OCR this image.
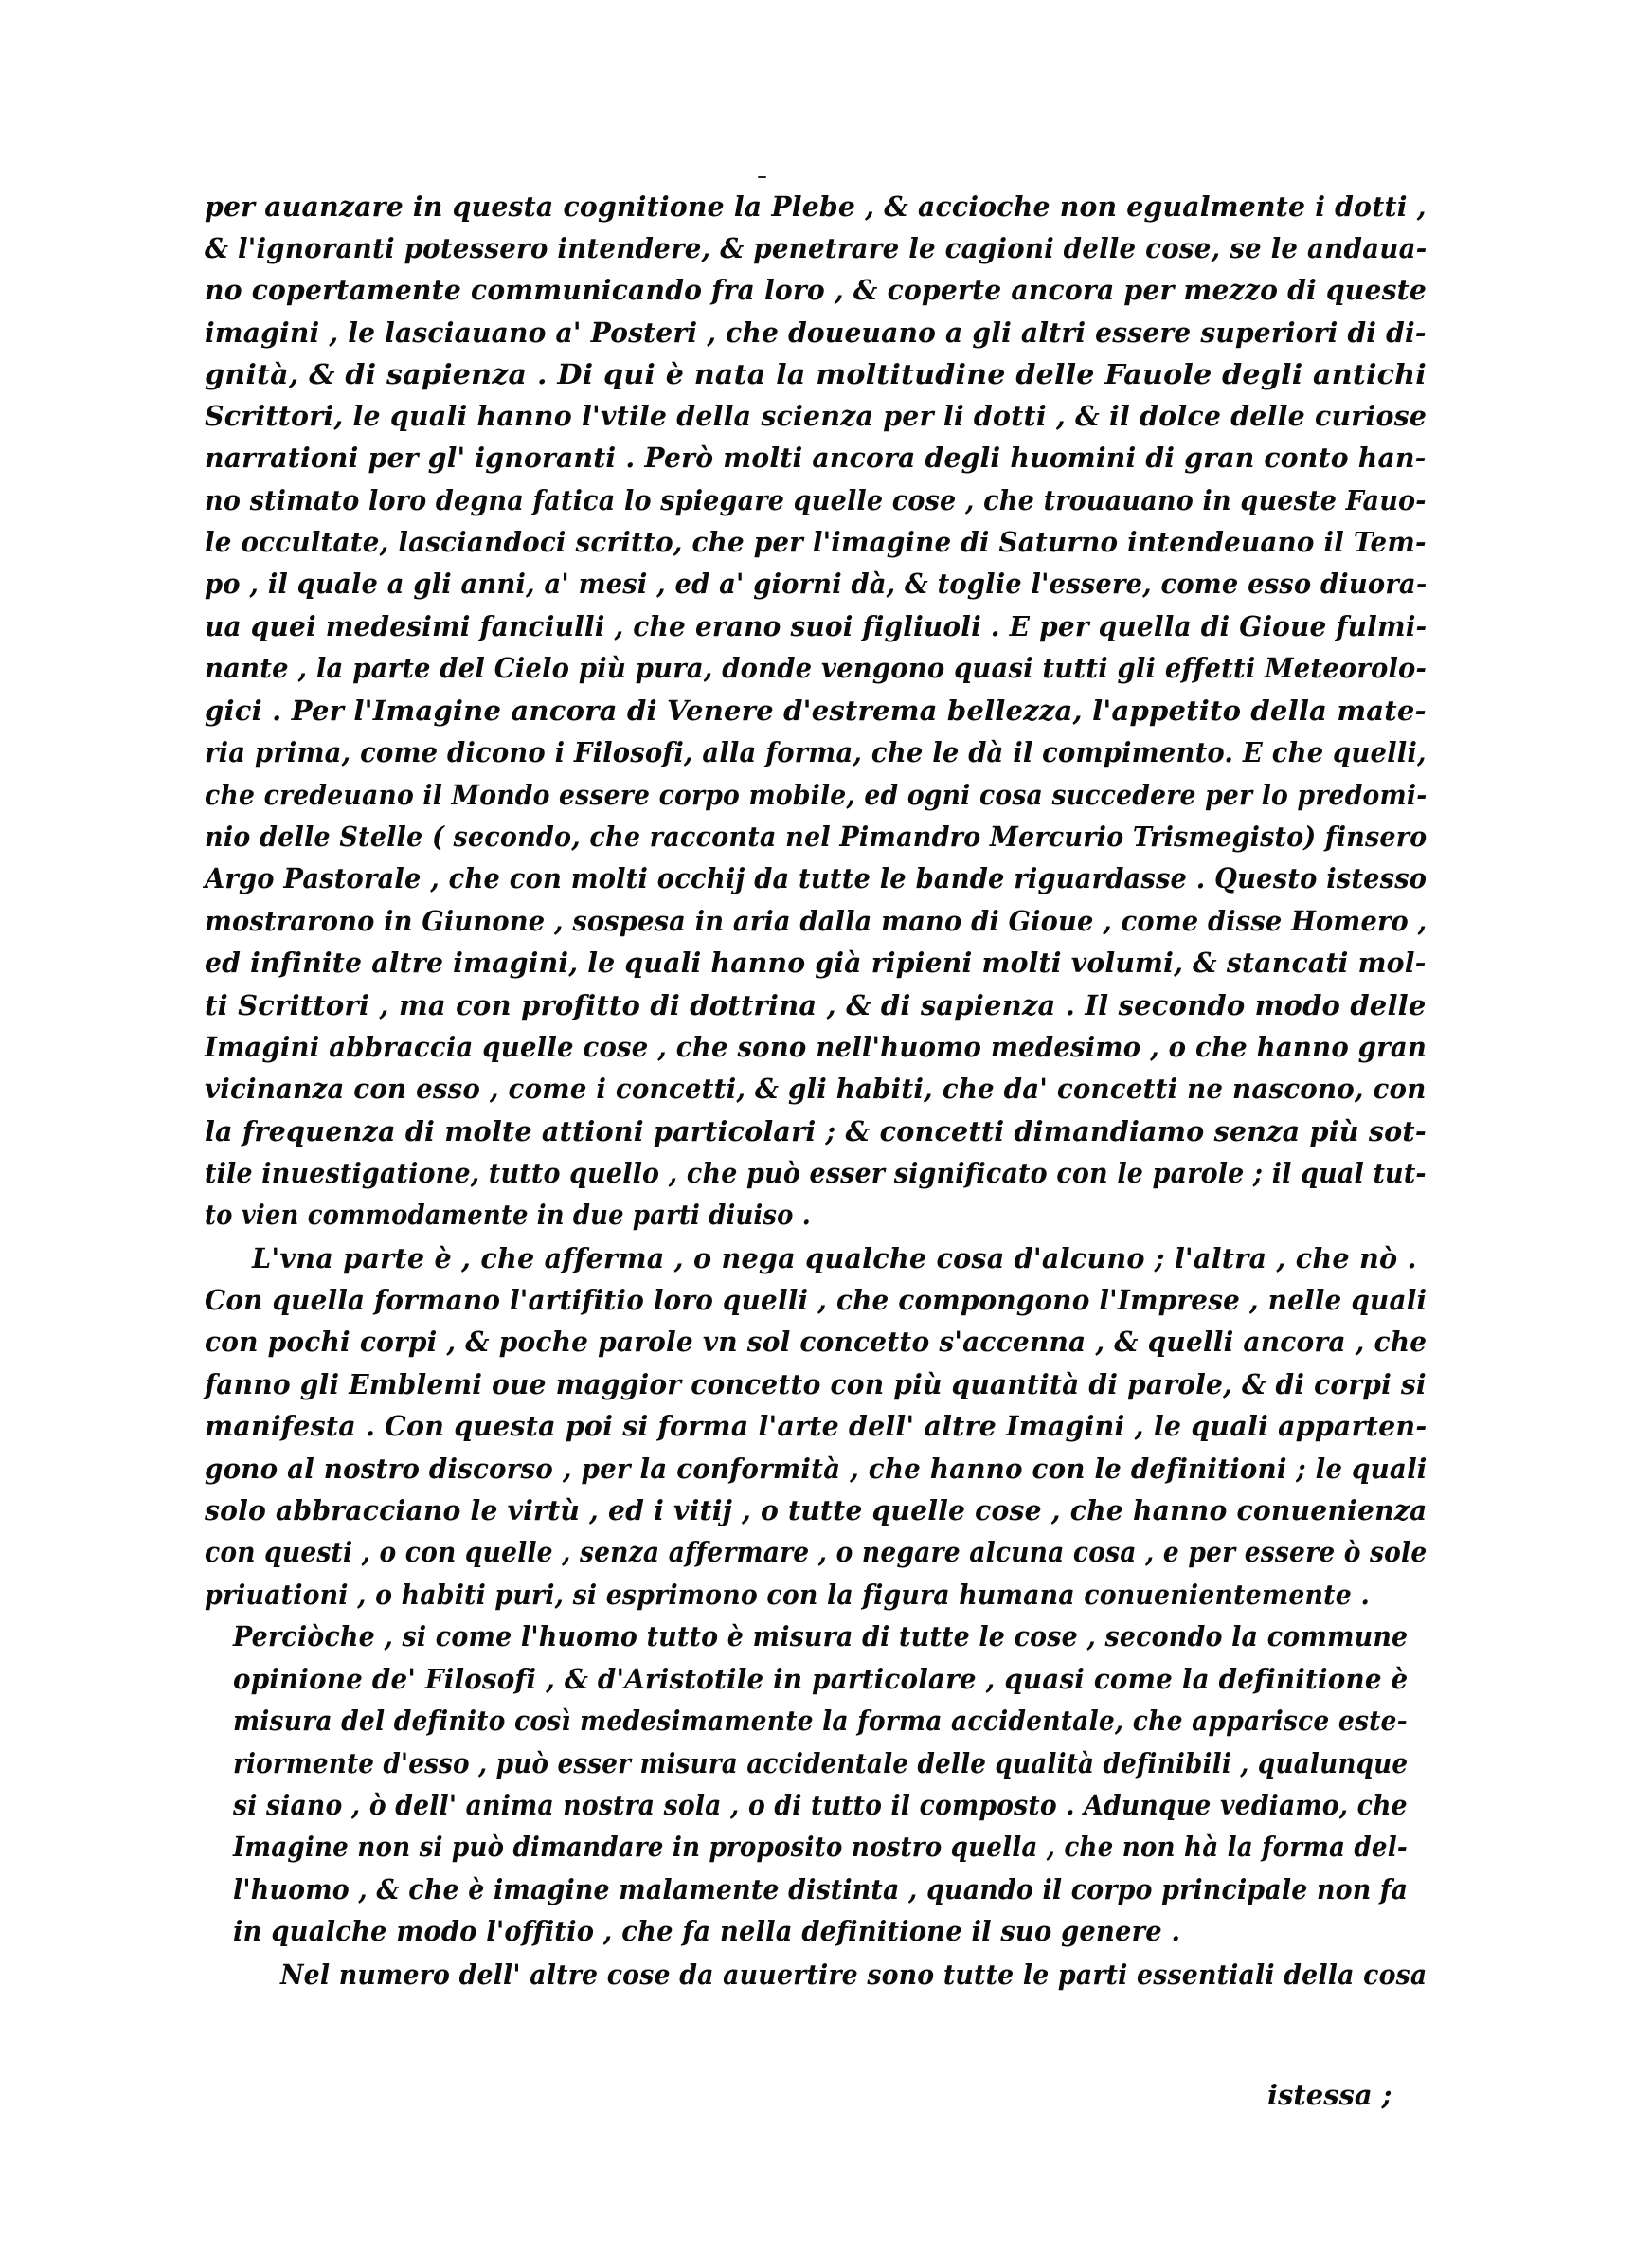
per auanzare in questa cognitione la Plebe , & accioche non egualmente i dotti ,
& l'ignoranti potessero intendere, & penetrare le cagioni delle cose, se le andaua-
no copertamente communicando fra loro , & coperte ancora per mezzo di queste
imagini , le lasciauano a' Posteri , che doueuano a gli altri essere superiori di di-
gnità, & di sapienza . Di qui è nata la moltitudine delle Fauole degli antichi
Scrittori, le quali hanno l'vtile della scienza per li dotti , & il dolce delle curiose
narrationi per gl' ignoranti . Però molti ancora degli huomini di gran conto han-
no stimato loro degna fatica lo spiegare quelle cose , che trouauano in queste Fauo-
le occultate, lasciandoci scritto, che per l'imagine di Saturno intendeuano il Tem-
po , il quale a gli anni, a' mesi , ed a' giorni dà, & toglie l'essere, come esso diuora-
ua quei medesimi fanciulli , che erano suoi figliuoli . E per quella di Gioue fulmi-
nante , la parte del Cielo più pura, donde vengono quasi tutti gli effetti Meteorolo-
gici . Per l'Imagine ancora di Venere d'estrema bellezza, l'appetito della mate-
ria prima, come dicono i Filosofi, alla forma, che le dà il compimento. E che quelli,
che credeuano il Mondo essere corpo mobile, ed ogni cosa succedere per lo predomi-
nio delle Stelle ( secondo, che racconta nel Pimandro Mercurio Trismegisto) finsero
Argo Pastorale , che con molti occhij da tutte le bande riguardasse . Questo istesso
mostrarono in Giunone , sospesa in aria dalla mano di Gioue , come disse Homero ,
ed infinite altre imagini, le quali hanno già ripieni molti volumi, & stancati mol-
ti Scrittori , ma con profitto di dottrina , & di sapienza . Il secondo modo delle
Imagini abbraccia quelle cose , che sono nell'huomo medesimo , o che hanno gran
vicinanza con esso , come i concetti, & gli habiti, che da' concetti ne nascono, con
la frequenza di molte attioni particolari ; & concetti dimandiamo senza più sot-
tile inuestigatione, tutto quello , che può esser significato con le parole ; il qual tut-
to vien commodamente in due parti diuiso .
L'vna parte è , che afferma , o nega qualche cosa d'alcuno ; l'altra , che nò .
Con quella formano l'artifitio loro quelli , che compongono l'Imprese , nelle quali
con pochi corpi , & poche parole vn sol concetto s'accenna , & quelli ancora , che
fanno gli Emblemi oue maggior concetto con più quantità di parole, & di corpi si
manifesta . Con questa poi si forma l'arte dell' altre Imagini , le quali apparten-
gono al nostro discorso , per la conformità , che hanno con le definitioni ; le quali
solo abbracciano le virtù , ed i vitij , o tutte quelle cose , che hanno conuenienza
con questi , o con quelle , senza affermare , o negare alcuna cosa , e per essere ò sole
priuationi , o habiti puri, si esprimono con la figura humana conuenientemente .
Perciòche , si come l'huomo tutto è misura di tutte le cose , secondo la commune
opinione de' Filosofi , & d'Aristotile in particolare , quasi come la definitione è
misura del definito così medesimamente la forma accidentale, che apparisce este-
riormente d'esso , può esser misura accidentale delle qualità definibili , qualunque
si siano , ò dell' anima nostra sola , o di tutto il composto . Adunque vediamo, che
Imagine non si può dimandare in proposito nostro quella , che non hà la forma del-
l'huomo , & che è imagine malamente distinta , quando il corpo principale non fa
in qualche modo l'offitio , che fa nella definitione il suo genere .
Nel numero dell' altre cose da auuertire sono tutte le parti essentiali della cosa
istessa ;
